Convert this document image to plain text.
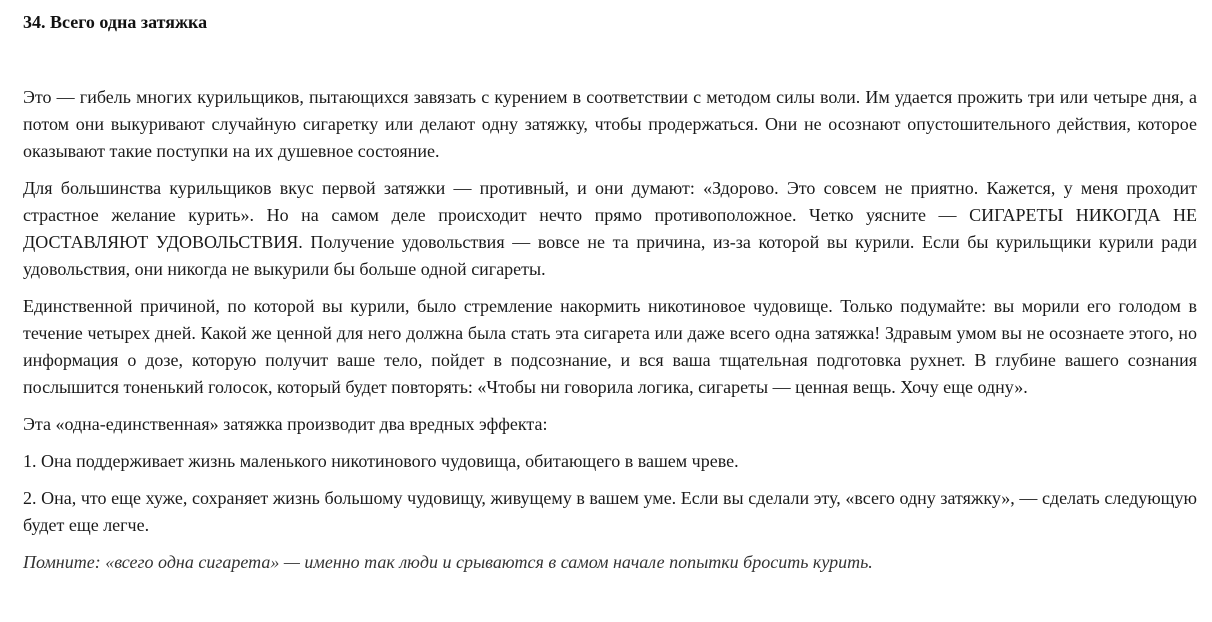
34. Всего одна затяжка

Это — гибель многих курильщиков, пытающихся завязать с курением в соответствии с методом силы воли. Им удается прожить три или четыре дня, а потом они выкуривают случайную сигаретку или делают одну затяжку, чтобы продержаться. Они не осознают опустошительного действия, которое оказывают такие поступки на их душевное состояние.

Для большинства курильщиков вкус первой затяжки — противный, и они думают: «Здорово. Это совсем не приятно. Кажется, у меня проходит страстное желание курить». Но на самом деле происходит нечто прямо противоположное. Четко уясните — СИГАРЕТЫ НИКОГДА НЕ ДОСТАВЛЯЮТ УДОВОЛЬСТВИЯ. Получение удовольствия — вовсе не та причина, из-за которой вы курили. Если бы курильщики курили ради удовольствия, они никогда не выкурили бы больше одной сигареты.

Единственной причиной, по которой вы курили, было стремление накормить никотиновое чудовище. Только подумайте: вы морили его голодом в течение четырех дней. Какой же ценной для него должна была стать эта сигарета или даже всего одна затяжка! Здравым умом вы не осознаете этого, но информация о дозе, которую получит ваше тело, пойдет в подсознание, и вся ваша тщательная подготовка рухнет. В глубине вашего сознания послышится тоненький голосок, который будет повторять: «Чтобы ни говорила логика, сигареты — ценная вещь. Хочу еще одну».

Эта «одна-единственная» затяжка производит два вредных эффекта:

1. Она поддерживает жизнь маленького никотинового чудовища, обитающего в вашем чреве.

2. Она, что еще хуже, сохраняет жизнь большому чудовищу, живущему в вашем уме. Если вы сделали эту, «всего одну затяжку», — сделать следующую будет еще легче.

Помните: «всего одна сигарета» — именно так люди и срываются в самом начале попытки бросить курить.
